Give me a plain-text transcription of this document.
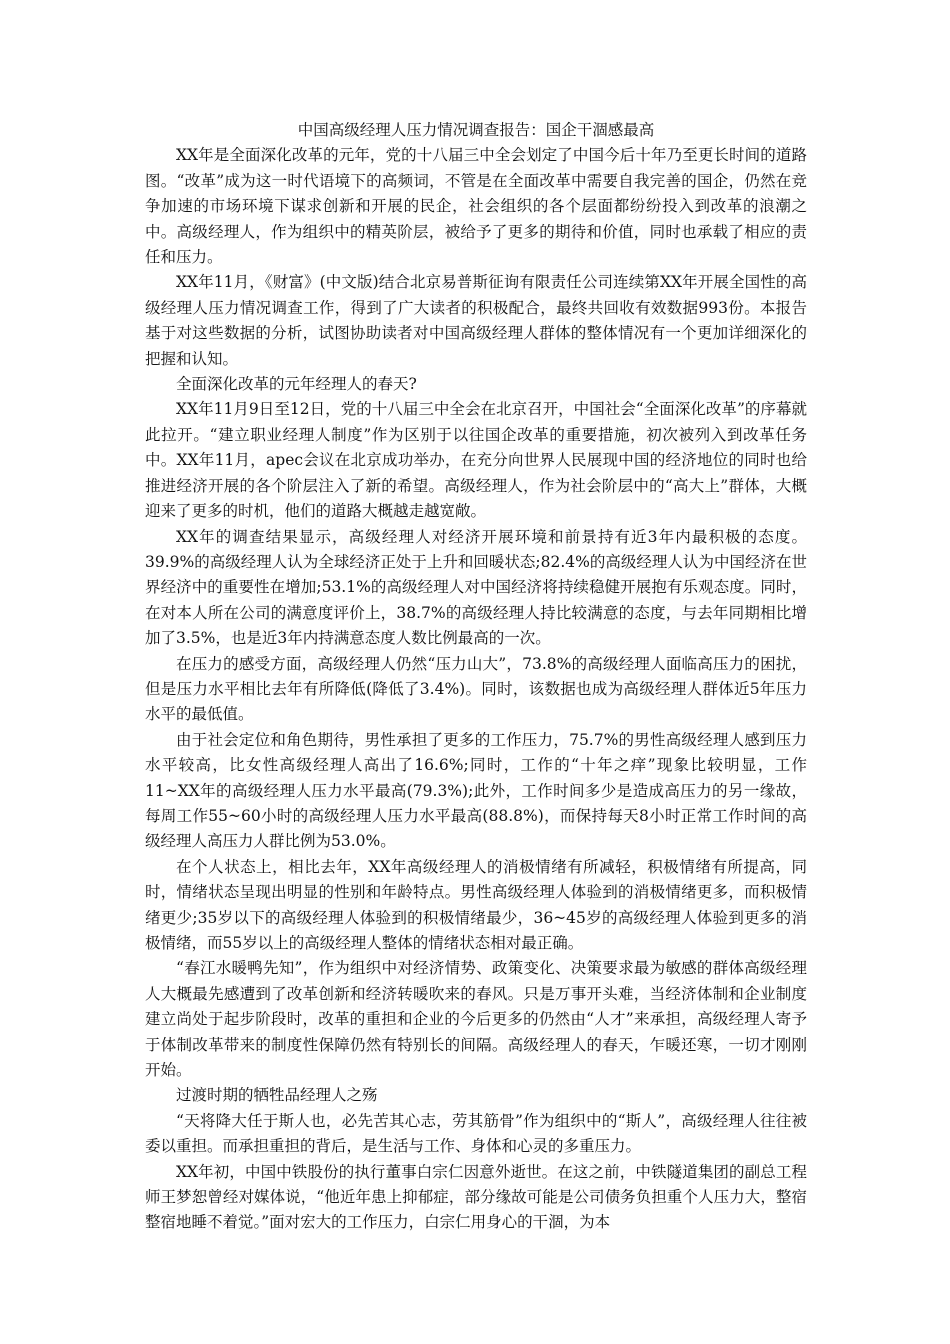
中国高级经理人压力情况调查报告：国企干涸感最高

XX年是全面深化改革的元年，党的十八届三中全会划定了中国今后十年乃至更长时间的道路图。“改革”成为这一时代语境下的高频词，不管是在全面改革中需要自我完善的国企，仍然在竞争加速的市场环境下谋求创新和开展的民企，社会组织的各个层面都纷纷投入到改革的浪潮之中。高级经理人，作为组织中的精英阶层，被给予了更多的期待和价值，同时也承载了相应的责任和压力。

XX年11月，《财富》(中文版)结合北京易普斯征询有限责任公司连续第XX年开展全国性的高级经理人压力情况调查工作，得到了广大读者的积极配合，最终共回收有效数据993份。本报告基于对这些数据的分析，试图协助读者对中国高级经理人群体的整体情况有一个更加详细深化的把握和认知。

全面深化改革的元年经理人的春天?

XX年11月9日至12日，党的十八届三中全会在北京召开，中国社会“全面深化改革”的序幕就此拉开。“建立职业经理人制度”作为区别于以往国企改革的重要措施，初次被列入到改革任务中。XX年11月，apec会议在北京成功举办，在充分向世界人民展现中国的经济地位的同时也给推进经济开展的各个阶层注入了新的希望。高级经理人，作为社会阶层中的“高大上”群体，大概迎来了更多的时机，他们的道路大概越走越宽敞。

XX年的调查结果显示，高级经理人对经济开展环境和前景持有近3年内最积极的态度。39.9%的高级经理人认为全球经济正处于上升和回暖状态;82.4%的高级经理人认为中国经济在世界经济中的重要性在增加;53.1%的高级经理人对中国经济将持续稳健开展抱有乐观态度。同时，在对本人所在公司的满意度评价上，38.7%的高级经理人持比较满意的态度，与去年同期相比增加了3.5%，也是近3年内持满意态度人数比例最高的一次。

在压力的感受方面，高级经理人仍然“压力山大”，73.8%的高级经理人面临高压力的困扰，但是压力水平相比去年有所降低(降低了3.4%)。同时，该数据也成为高级经理人群体近5年压力水平的最低值。

由于社会定位和角色期待，男性承担了更多的工作压力，75.7%的男性高级经理人感到压力水平较高，比女性高级经理人高出了16.6%;同时，工作的“十年之痒”现象比较明显，工作11~XX年的高级经理人压力水平最高(79.3%);此外，工作时间多少是造成高压力的另一缘故，每周工作55~60小时的高级经理人压力水平最高(88.8%)，而保持每天8小时正常工作时间的高级经理人高压力人群比例为53.0%。

在个人状态上，相比去年，XX年高级经理人的消极情绪有所减轻，积极情绪有所提高，同时，情绪状态呈现出明显的性别和年龄特点。男性高级经理人体验到的消极情绪更多，而积极情绪更少;35岁以下的高级经理人体验到的积极情绪最少，36~45岁的高级经理人体验到更多的消极情绪，而55岁以上的高级经理人整体的情绪状态相对最正确。

“春江水暖鸭先知”，作为组织中对经济情势、政策变化、决策要求最为敏感的群体高级经理人大概最先感遭到了改革创新和经济转暖吹来的春风。只是万事开头难，当经济体制和企业制度建立尚处于起步阶段时，改革的重担和企业的今后更多的仍然由“人才”来承担，高级经理人寄予于体制改革带来的制度性保障仍然有特别长的间隔。高级经理人的春天，乍暖还寒，一切才刚刚开始。

过渡时期的牺牲品经理人之殇

“天将降大任于斯人也，必先苦其心志，劳其筋骨”作为组织中的“斯人”，高级经理人往往被委以重担。而承担重担的背后，是生活与工作、身体和心灵的多重压力。

XX年初，中国中铁股份的执行董事白宗仁因意外逝世。在这之前，中铁隧道集团的副总工程师王梦恕曾经对媒体说，“他近年患上抑郁症，部分缘故可能是公司债务负担重个人压力大，整宿整宿地睡不着觉。”面对宏大的工作压力，白宗仁用身心的干涸，为本
